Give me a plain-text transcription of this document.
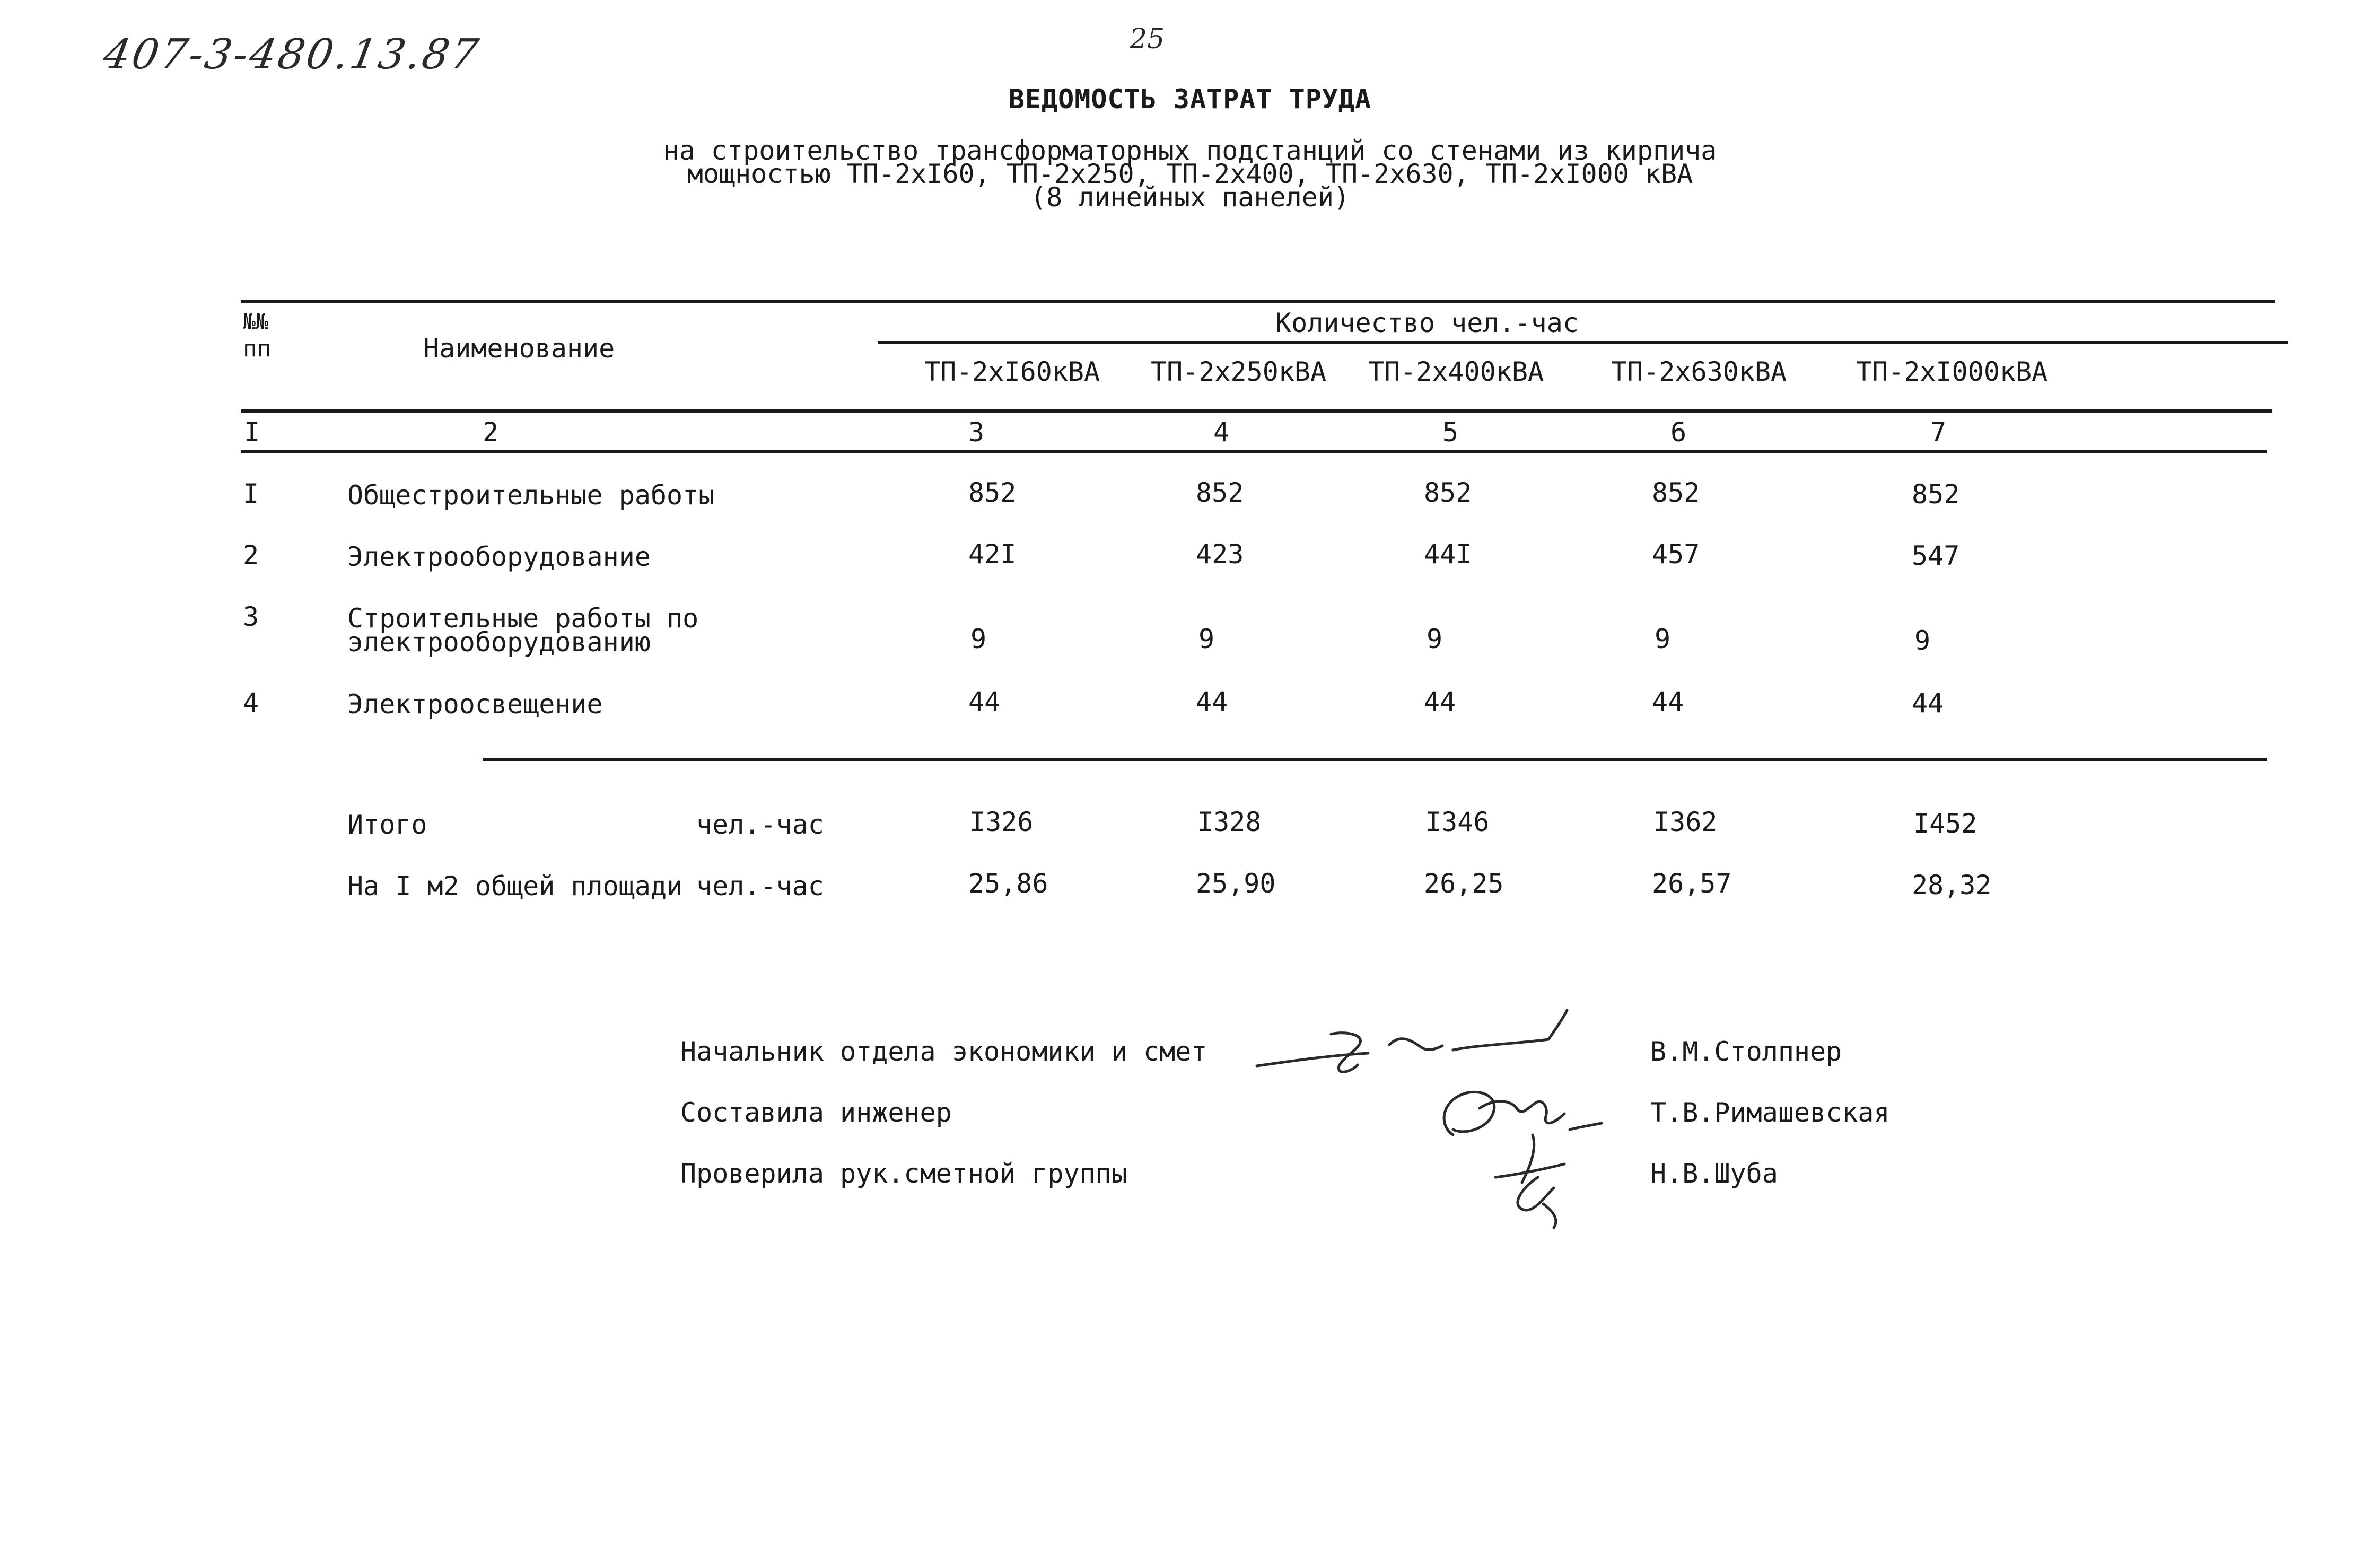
407-3-480.13.87	25
ВЕДОМОСТЬ ЗАТРАТ ТРУДА
на строительство трансформаторных подстанций со стенами из кирпича
мощностью ТП-2хI60, ТП-2х250, ТП-2х400, ТП-2х630, ТП-2хI000 кВА
(8 линейных панелей)
№№
пп	Наименование
Количество чел.-час
ТП-2хI60кВА ТП-2х250кВА ТП-2х400кВА	ТП-2х630кВА	ТП-2хI000кВА
I	2	3	4	5	6	7
I	Общестроительные работы	852	852	852	852	852
2	Электрооборудование	42I	423	44I	457	547
3	Строительные работы по
электрооборудованию	9	9	9	9	9
4	Электроосвещение	44	44	44	44	44
Итого	чел.-час	I326	I328	I346	I362	I452
На I м2 общей площади чел.-час	25,86	25,90	26,25	26,57	28,32
Начальник отдела экономики и смет	В.М.Столпнер
Составила инженер	Т.В.Римашевская
Проверила рук.сметной группы	Н.В.Шуба
